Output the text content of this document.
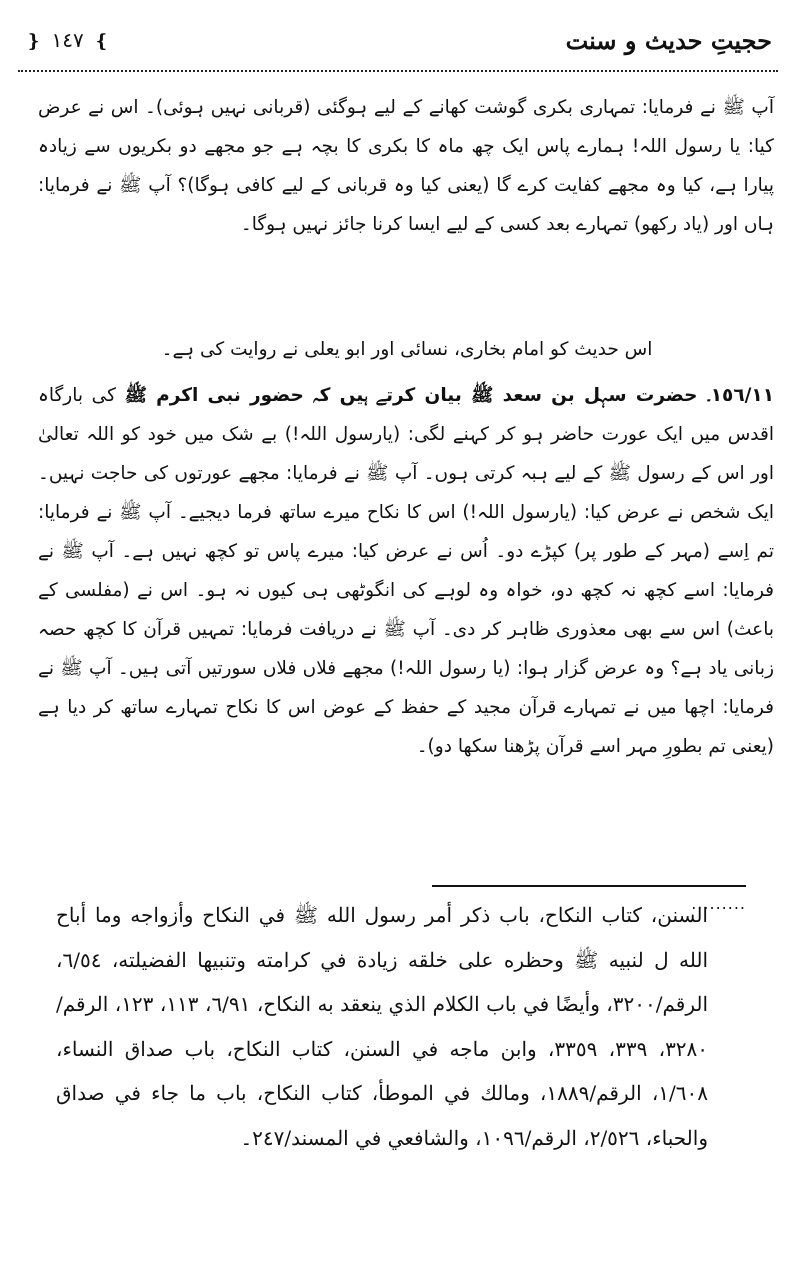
حجیتِ حدیث و سنت
❵ ١٤٧ ❴

آپ ﷺ نے فرمایا: تمہاری بکری گوشت کھانے کے لیے ہوگئی (قربانی نہیں ہوئی)۔ اس نے عرض کیا: یا رسول اللہ! ہمارے پاس ایک چھ ماہ کا بکری کا بچہ ہے جو مجھے دو بکریوں سے زیادہ پیارا ہے، کیا وہ مجھے کفایت کرے گا (یعنی کیا وہ قربانی کے لیے کافی ہوگا)؟ آپ ﷺ نے فرمایا: ہاں اور (یاد رکھو) تمہارے بعد کسی کے لیے ایسا کرنا جائز نہیں ہوگا۔

اس حدیث کو امام بخاری، نسائی اور ابو یعلی نے روایت کی ہے۔

١٥٦/١١۔ حضرت سہل بن سعد ﷺ بیان کرتے ہیں کہ حضور نبی اکرم ﷺ کی بارگاہ اقدس میں ایک عورت حاضر ہو کر کہنے لگی: (یارسول اللہ!) بے شک میں خود کو اللہ تعالیٰ اور اس کے رسول ﷺ کے لیے ہبہ کرتی ہوں۔ آپ ﷺ نے فرمایا: مجھے عورتوں کی حاجت نہیں۔ ایک شخص نے عرض کیا: (یارسول اللہ!) اس کا نکاح میرے ساتھ فرما دیجیے۔ آپ ﷺ نے فرمایا: تم اِسے (مہر کے طور پر) کپڑے دو۔ اُس نے عرض کیا: میرے پاس تو کچھ نہیں ہے۔ آپ ﷺ نے فرمایا: اسے کچھ نہ کچھ دو، خواہ وہ لوہے کی انگوٹھی ہی کیوں نہ ہو۔ اس نے (مفلسی کے باعث) اس سے بھی معذوری ظاہر کر دی۔ آپ ﷺ نے دریافت فرمایا: تمہیں قرآن کا کچھ حصہ زبانی یاد ہے؟ وہ عرض گزار ہوا: (یا رسول اللہ!) مجھے فلاں فلاں سورتیں آتی ہیں۔ آپ ﷺ نے فرمایا: اچھا میں نے تمہارے قرآن مجید کے حفظ کے عوض اس کا نکاح تمہارے ساتھ کر دیا ہے (یعنی تم بطورِ مہر اسے قرآن پڑھنا سکھا دو)۔

.........

السنن، كتاب النكاح، باب ذكر أمر رسول الله ﷺ في النكاح وأزواجه وما أباح الله ل لنبيه ﷺ وحظره على خلقه زيادة في كرامته وتنبيها الفضيلته، ٦/٥٤، الرقم/٣٢٠٠، وأيضًا في باب الكلام الذي ينعقد به النكاح، ٦/٩١، ١١٣، ١٢٣، الرقم/٣٢٨٠، ٣٣٩، ٣٣٥٩، وابن ماجه في السنن، كتاب النكاح، باب صداق النساء، ١/٦٠٨، الرقم/١٨٨٩، ومالك في الموطأ، كتاب النكاح، باب ما جاء في صداق والحباء، ٢/٥٢٦، الرقم/١٠٩٦، والشافعي في المسند/٢٤٧۔
